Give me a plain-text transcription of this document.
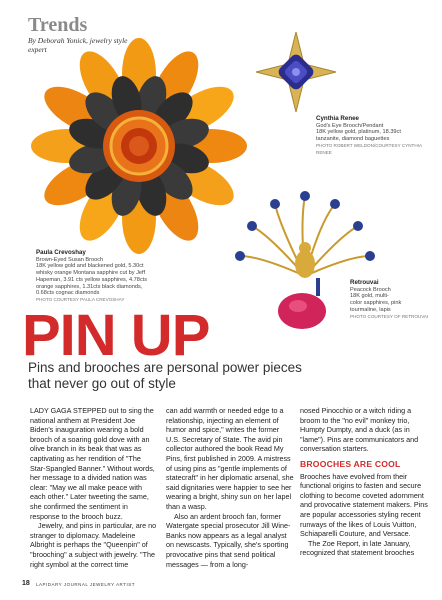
Trends
By Deborah Yonick, jewelry style expert
Cynthia Renee
God's Eye Brooch/Pendant
18K yellow gold, platinum, 18.39ct
tanzanite, diamond baguettes
PHOTO ROBERT WELDON/COURTESY CYNTHIA RENEE
Paula Crevoshay
Brown-Eyed Susan Brooch
18K yellow gold and blackened gold, 5.30ct
whisky orange Montana sapphire cut by Jeff
Hapeman, 3.91 cts yellow sapphires, 4.78cts
orange sapphires, 1.31cts black diamonds,
0.68cts cognac diamonds
PHOTO COURTESY PAULA CREVOSHAY
Retrouvai
Peacock Brooch
18K gold, multi-
color sapphires, pink
tourmaline, lapis
PHOTO COURTESY OF RETROUVAI
PIN UP
Pins and brooches are personal power pieces that never go out of style

LADY GAGA STEPPED out to sing the national anthem at President Joe Biden's inauguration wearing a bold brooch of a soaring gold dove with an olive branch in its beak that was as captivating as her rendition of "The Star-Spangled Banner." Without words, her message to a divided nation was clear: "May we all make peace with each other." Later tweeting the same, she confirmed the sentiment in response to the brooch buzz.

Jewelry, and pins in particular, are no stranger to diplomacy. Madeleine Albright is perhaps the "Queenpin" of "brooching" a subject with jewelry. "The right symbol at the correct time

can add warmth or needed edge to a relationship, injecting an element of humor and spice," writes the former U.S. Secretary of State. The avid pin collector authored the book Read My Pins, first published in 2009. A mistress of using pins as "gentle implements of statecraft" in her diplomatic arsenal, she said dignitaries were happier to see her wearing a bright, shiny sun on her lapel than a wasp.

Also an ardent brooch fan, former Watergate special prosecutor Jill Wine-Banks now appears as a legal analyst on newscasts. Typically, she's sporting provocative pins that send political messages — from a long-

nosed Pinocchio or a witch riding a broom to the "no evil" monkey trio, Humpty Dumpty, and a duck (as in "lame"). Pins are communicators and conversation starters.

BROOCHES ARE COOL

Brooches have evolved from their functional origins to fasten and secure clothing to become coveted adornment and provocative statement makers. Pins are popular accessories styling recent runways of the likes of Louis Vuitton, Schiaparelli Couture, and Versace.

The Zoe Report, in late January, recognized that statement brooches

18 LAPIDARY JOURNAL JEWELRY ARTIST
